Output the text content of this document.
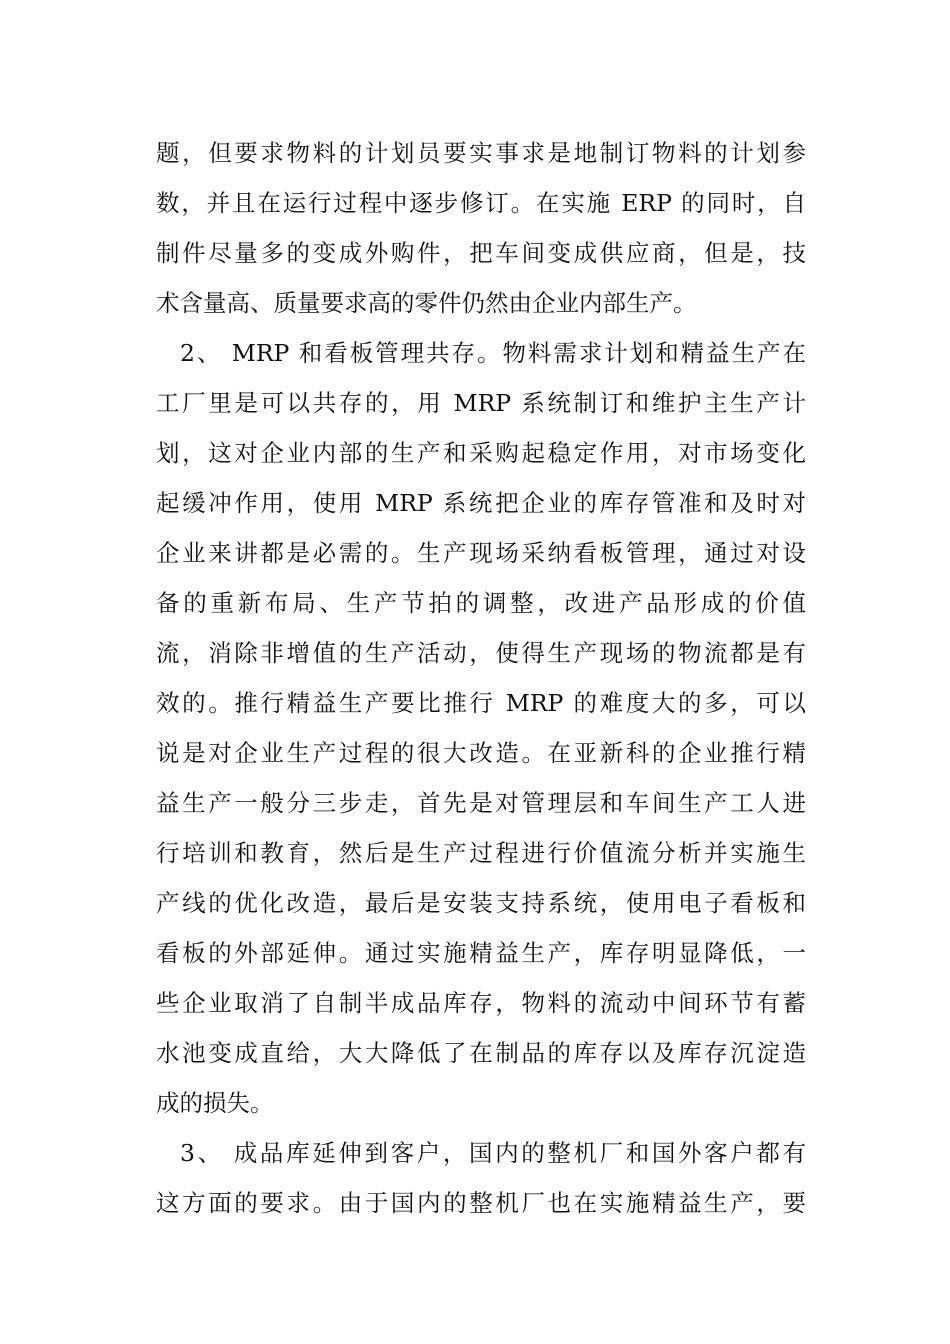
题，但要求物料的计划员要实事求是地制订物料的计划参
数，并且在运行过程中逐步修订。在实施 ERP 的同时，自
制件尽量多的变成外购件，把车间变成供应商，但是，技
术含量高、质量要求高的零件仍然由企业内部生产。
2、 MRP 和看板管理共存。物料需求计划和精益生产在
工厂里是可以共存的，用 MRP 系统制订和维护主生产计
划，这对企业内部的生产和采购起稳定作用，对市场变化
起缓冲作用，使用 MRP 系统把企业的库存管准和及时对
企业来讲都是必需的。生产现场采纳看板管理，通过对设
备的重新布局、生产节拍的调整，改进产品形成的价值
流，消除非增值的生产活动，使得生产现场的物流都是有
效的。推行精益生产要比推行 MRP 的难度大的多，可以
说是对企业生产过程的很大改造。在亚新科的企业推行精
益生产一般分三步走，首先是对管理层和车间生产工人进
行培训和教育，然后是生产过程进行价值流分析并实施生
产线的优化改造，最后是安装支持系统，使用电子看板和
看板的外部延伸。通过实施精益生产，库存明显降低，一
些企业取消了自制半成品库存，物料的流动中间环节有蓄
水池变成直给，大大降低了在制品的库存以及库存沉淀造
成的损失。
3、 成品库延伸到客户，国内的整机厂和国外客户都有
这方面的要求。由于国内的整机厂也在实施精益生产，要
